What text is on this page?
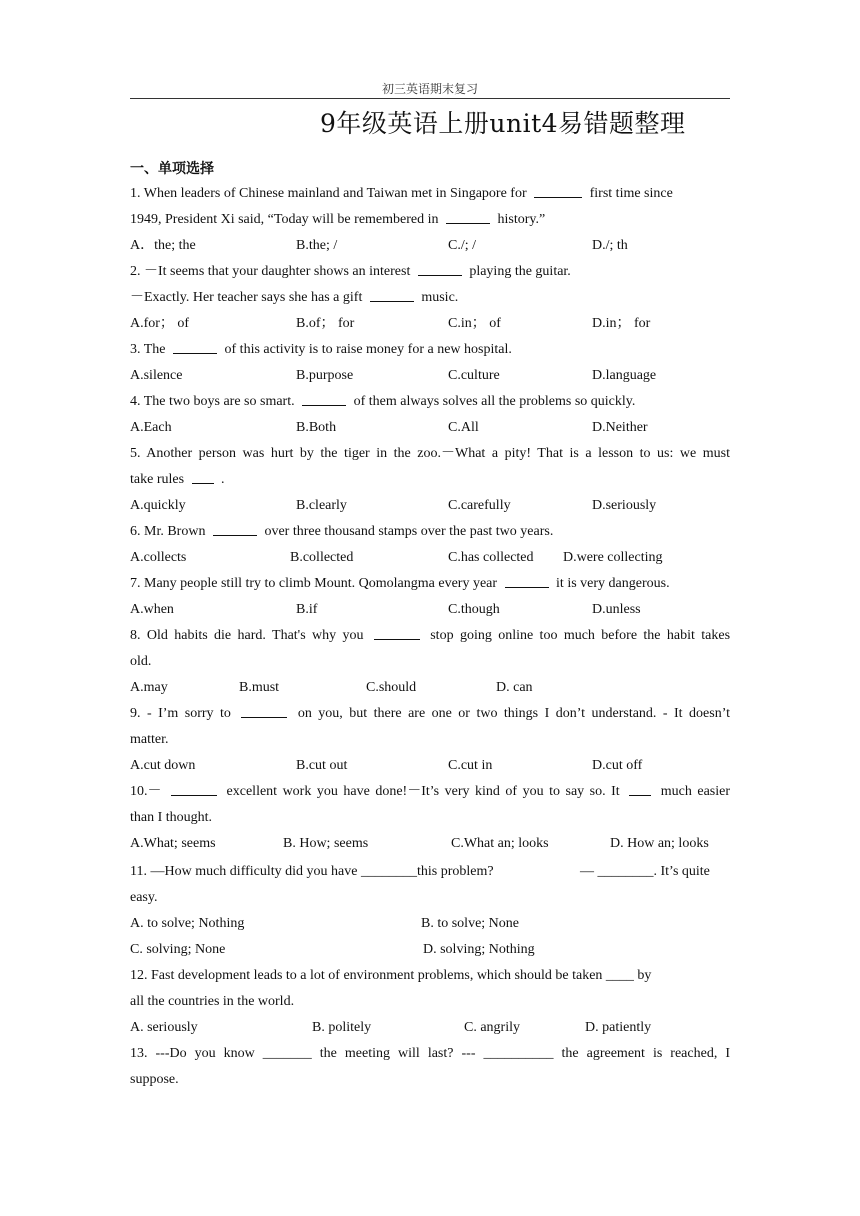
初三英语期末复习
9年级英语上册unit4易错题整理
一、单项选择
1. When leaders of Chinese mainland and Taiwan met in Singapore for	first time since
1949, President Xi said, “Today will be remembered in	history.”
A．the; the	B.the; /	C./; /	D./; th
2. －It seems that your daughter shows an interest	playing the guitar.
－Exactly. Her teacher says she has a gift	music.
A.for； of	B.of； for	C.in； of	D.in； for
3. The	of this activity is to raise money for a new hospital.
A.silence	B.purpose	C.culture	D.language
4. The two boys are so smart.	of them always solves all the problems so quickly.
A.Each	B.Both	C.All	D.Neither
5. Another person was hurt by the tiger in the zoo.－What a pity! That is a lesson to us: we must
take rules	.
A.quickly	B.clearly	C.carefully	D.seriously
6. Mr. Brown	over three thousand stamps over the past two years.
A.collects	B.collected	C.has collected D.were collecting
7. Many people still try to climb Mount. Qomolangma every year	it is very dangerous.
A.when	B.if	C.though	D.unless
8. Old habits die hard. That's why you	stop going online too much before the habit takes
old.
A.may	B.must	C.should	D. can
9. - I’m sorry to	on you, but there are one or two things I don’t understand. - It doesn’t
matter.
A.cut down	B.cut out	C.cut in	D.cut off
10.－	excellent work you have done!－It’s very kind of you to say so. It	much easier
than I thought.
A.What; seems	B. How; seems	C.What an; looks	D. How an; looks
11. —How much difficulty did you have ________this problem?	— ________. It’s quite
easy.
A. to solve; Nothing	B. to solve; None
C. solving; None	D. solving; Nothing
12. Fast development leads to a lot of environment problems, which should be taken ____ by
all the countries in the world.
A. seriously	B. politely	C. angrily	D. patiently
13. ---Do you know _______ the meeting will last? --- __________ the agreement is reached, I
suppose.
